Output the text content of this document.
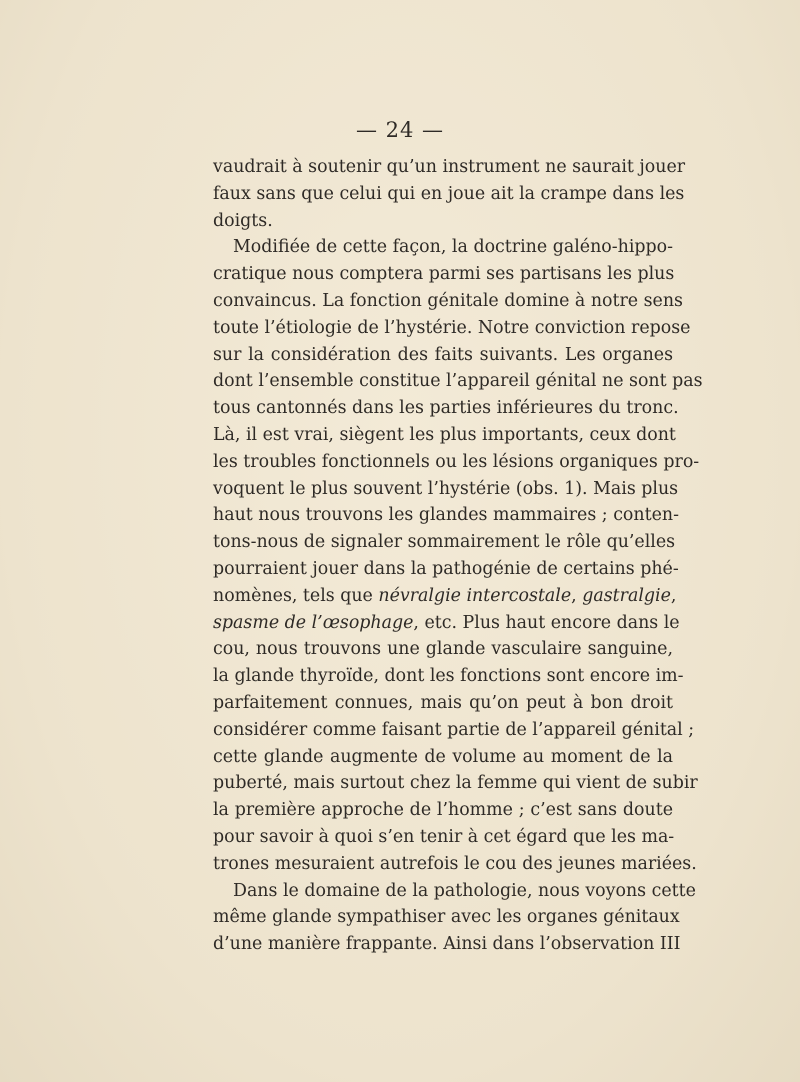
— 24 —
vaudrait à soutenir qu’un instrument ne saurait jouer
faux sans que celui qui en joue ait la crampe dans les
doigts.
Modifiée de cette façon, la doctrine galéno-hippo-
cratique nous comptera parmi ses partisans les plus
convaincus. La fonction génitale domine à notre sens
toute l’étiologie de l’hystérie. Notre conviction repose
sur la considération des faits suivants. Les organes
dont l’ensemble constitue l’appareil génital ne sont pas
tous cantonnés dans les parties inférieures du tronc.
Là, il est vrai, siègent les plus importants, ceux dont
les troubles fonctionnels ou les lésions organiques pro-
voquent le plus souvent l’hystérie (obs. 1). Mais plus
haut nous trouvons les glandes mammaires ; conten-
tons-nous de signaler sommairement le rôle qu’elles
pourraient jouer dans la pathogénie de certains phé-
nomènes, tels que névralgie intercostale, gastralgie,
spasme de l’œsophage, etc. Plus haut encore dans le
cou, nous trouvons une glande vasculaire sanguine,
la glande thyroïde, dont les fonctions sont encore im-
parfaitement connues, mais qu’on peut à bon droit
considérer comme faisant partie de l’appareil génital ;
cette glande augmente de volume au moment de la
puberté, mais surtout chez la femme qui vient de subir
la première approche de l’homme ; c’est sans doute
pour savoir à quoi s’en tenir à cet égard que les ma-
trones mesuraient autrefois le cou des jeunes mariées.
Dans le domaine de la pathologie, nous voyons cette
même glande sympathiser avec les organes génitaux
d’une manière frappante. Ainsi dans l’observation III
